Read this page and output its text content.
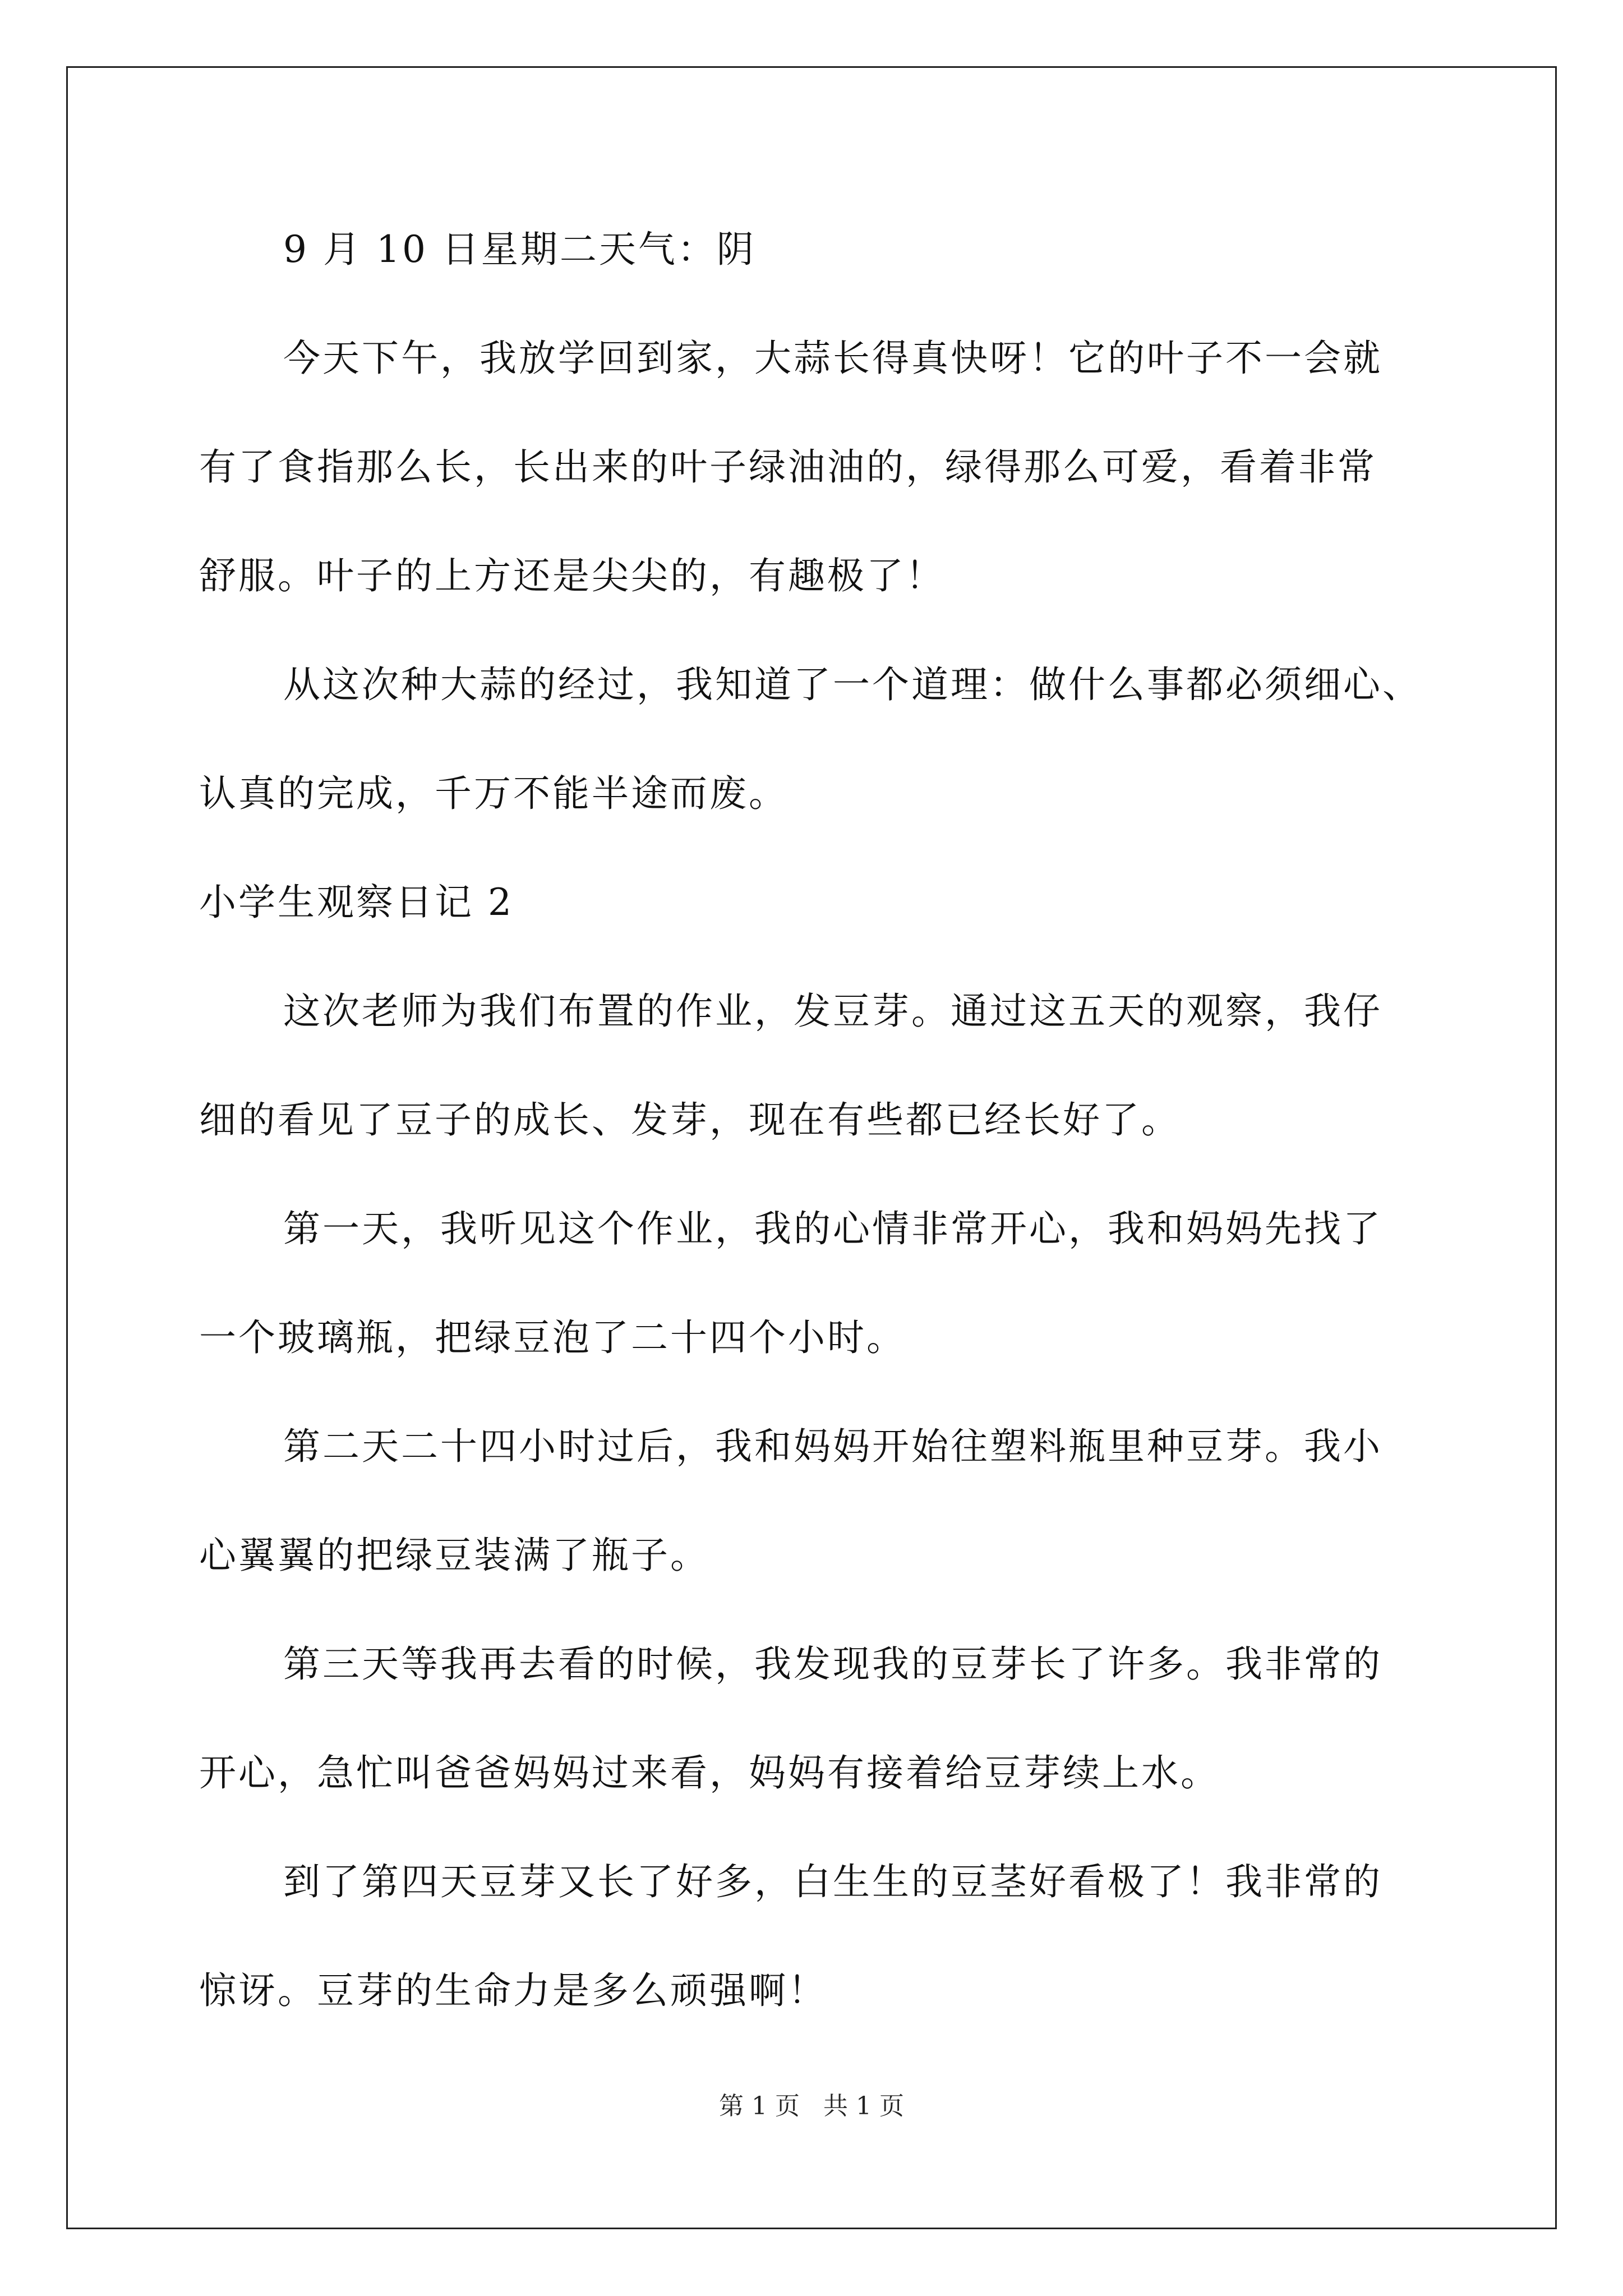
9 月 10 日星期二天气：阴
今天下午，我放学回到家，大蒜长得真快呀！它的叶子不一会就
有了食指那么长，长出来的叶子绿油油的，绿得那么可爱，看着非常
舒服。叶子的上方还是尖尖的，有趣极了！
从这次种大蒜的经过，我知道了一个道理：做什么事都必须细心、
认真的完成，千万不能半途而废。
小学生观察日记 2
这次老师为我们布置的作业，发豆芽。通过这五天的观察，我仔
细的看见了豆子的成长、发芽，现在有些都已经长好了。
第一天，我听见这个作业，我的心情非常开心，我和妈妈先找了
一个玻璃瓶，把绿豆泡了二十四个小时。
第二天二十四小时过后，我和妈妈开始往塑料瓶里种豆芽。我小
心翼翼的把绿豆装满了瓶子。
第三天等我再去看的时候，我发现我的豆芽长了许多。我非常的
开心，急忙叫爸爸妈妈过来看，妈妈有接着给豆芽续上水。
到了第四天豆芽又长了好多，白生生的豆茎好看极了！我非常的
惊讶。豆芽的生命力是多么顽强啊！
第 1 页 共 1 页
